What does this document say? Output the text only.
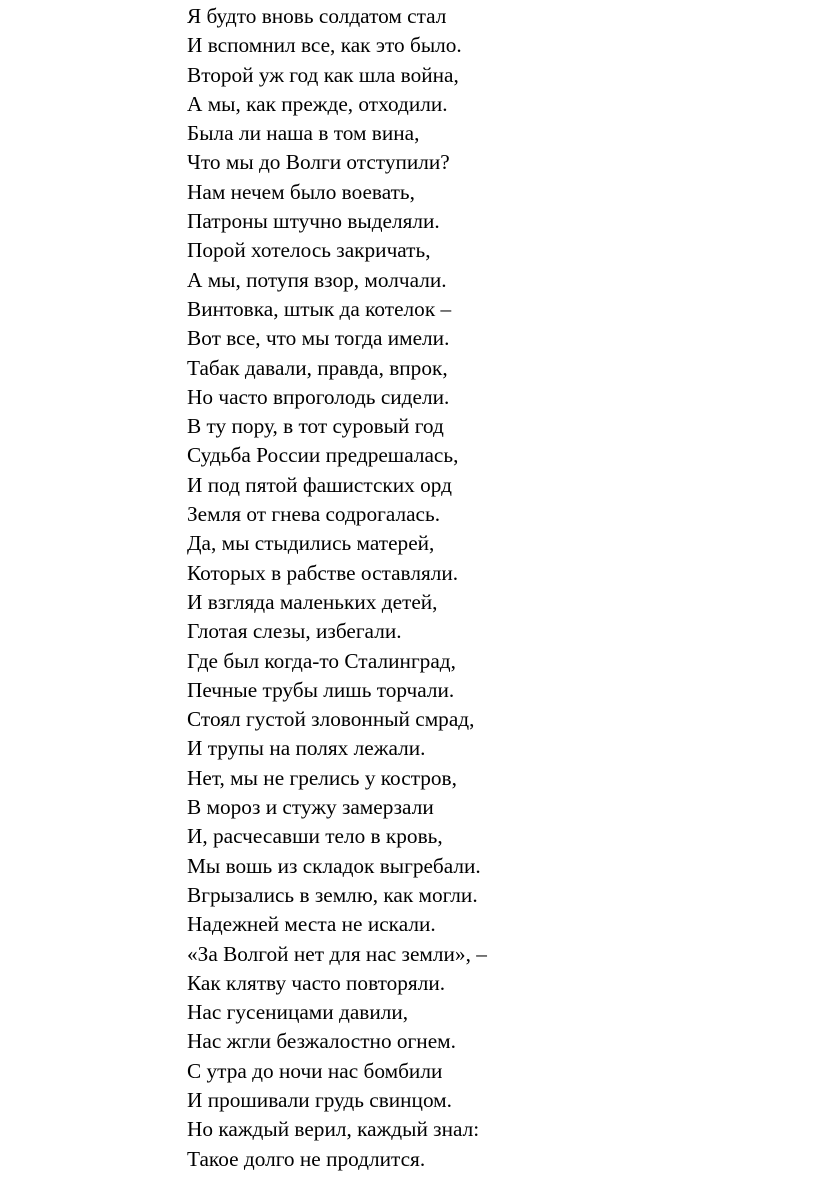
Я будто вновь солдатом стал
И вспомнил все, как это было.
Второй уж год как шла война,
А мы, как прежде, отходили.
Была ли наша в том вина,
Что мы до Волги отступили?
Нам нечем было воевать,
Патроны штучно выделяли.
Порой хотелось закричать,
А мы, потупя взор, молчали.
Винтовка, штык да котелок –
Вот все, что мы тогда имели.
Табак давали, правда, впрок,
Но часто впроголодь сидели.
В ту пору, в тот суровый год
Судьба России предрешалась,
И под пятой фашистских орд
Земля от гнева содрогалась.
Да, мы стыдились матерей,
Которых в рабстве оставляли.
И взгляда маленьких детей,
Глотая слезы, избегали.
Где был когда-то Сталинград,
Печные трубы лишь торчали.
Стоял густой зловонный смрад,
И трупы на полях лежали.
Нет, мы не грелись у костров,
В мороз и стужу замерзали
И, расчесавши тело в кровь,
Мы вошь из складок выгребали.
Вгрызались в землю, как могли.
Надежней места не искали.
«За Волгой нет для нас земли», –
Как клятву часто повторяли.
Нас гусеницами давили,
Нас жгли безжалостно огнем.
С утра до ночи нас бомбили
И прошивали грудь свинцом.
Но каждый верил, каждый знал:
Такое долго не продлится.
